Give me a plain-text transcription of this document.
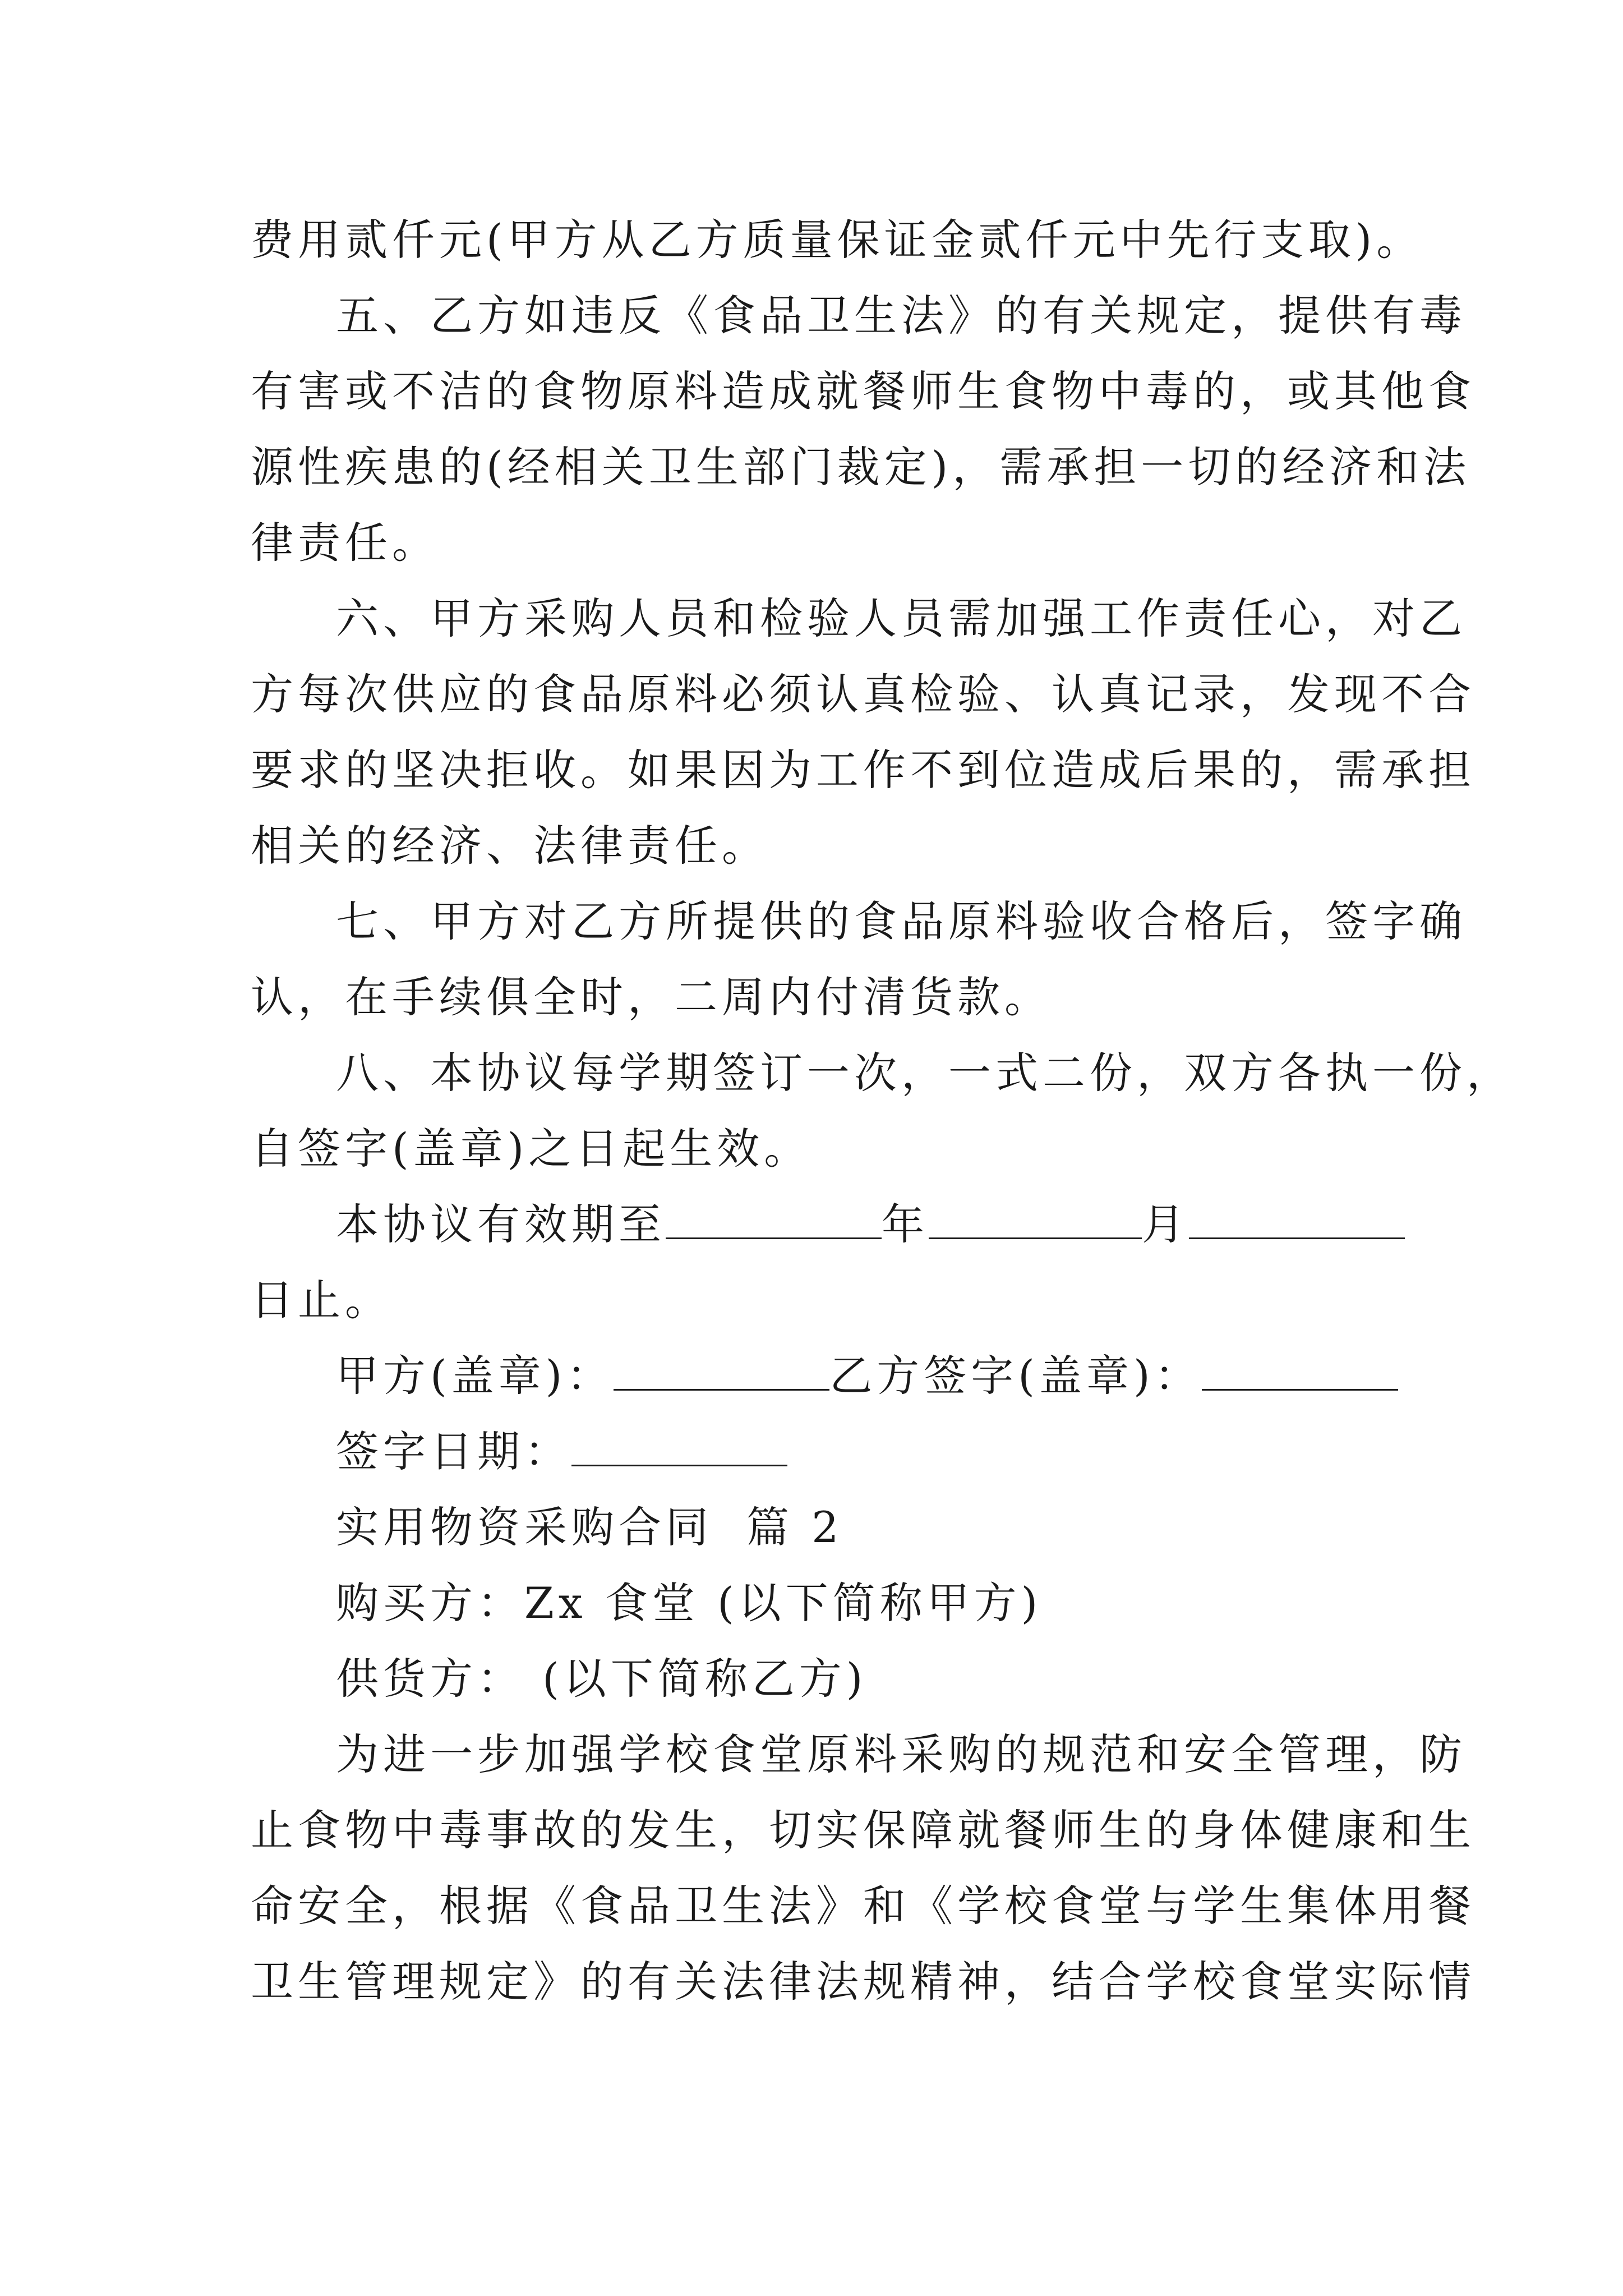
费用贰仟元(甲方从乙方质量保证金贰仟元中先行支取)。
五、乙方如违反《食品卫生法》的有关规定，提供有毒
有害或不洁的食物原料造成就餐师生食物中毒的，或其他食
源性疾患的(经相关卫生部门裁定)，需承担一切的经济和法
律责任。
六、甲方采购人员和检验人员需加强工作责任心，对乙
方每次供应的食品原料必须认真检验、认真记录，发现不合
要求的坚决拒收。如果因为工作不到位造成后果的，需承担
相关的经济、法律责任。
七、甲方对乙方所提供的食品原料验收合格后，签字确
认，在手续俱全时，二周内付清货款。
八、本协议每学期签订一次，一式二份，双方各执一份，
自签字(盖章)之日起生效。
本协议有效期至	年	月
日止。
甲方(盖章)：	乙方签字(盖章)：
签字日期：
实用物资采购合同 篇 2
购买方：Zx 食堂 (以下简称甲方)
供货方： (以下简称乙方)
为进一步加强学校食堂原料采购的规范和安全管理，防
止食物中毒事故的发生，切实保障就餐师生的身体健康和生
命安全，根据《食品卫生法》和《学校食堂与学生集体用餐
卫生管理规定》的有关法律法规精神，结合学校食堂实际情
